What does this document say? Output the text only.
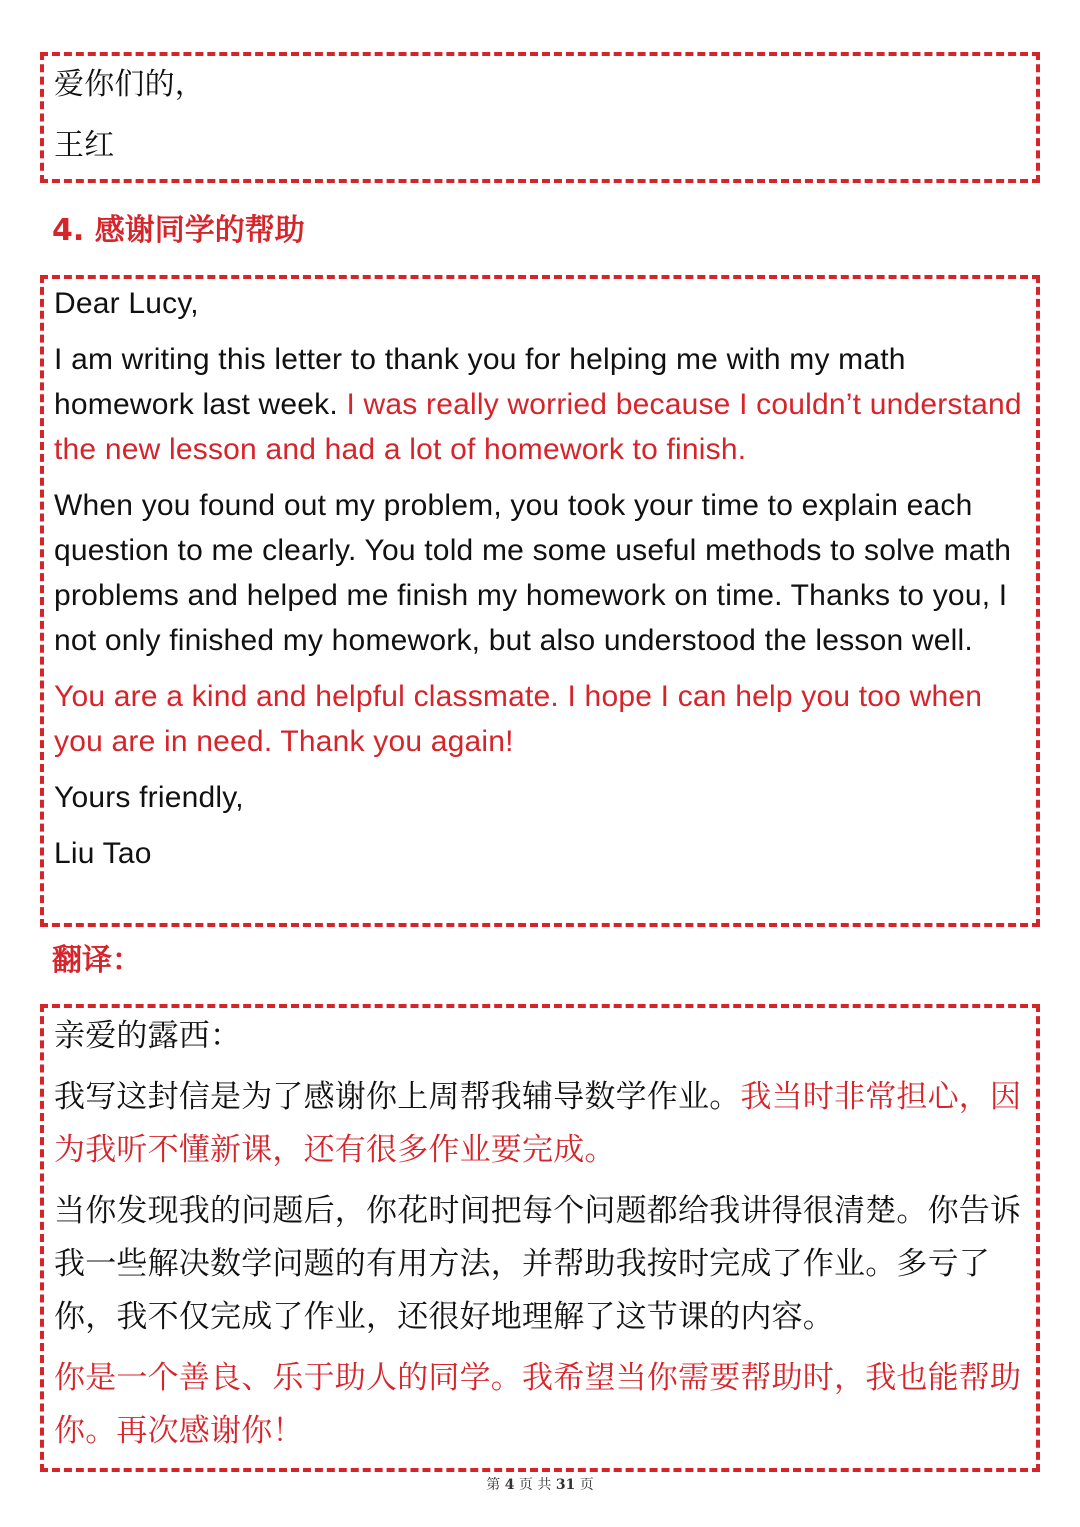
爱你们的，

王红

4. 感谢同学的帮助

Dear Lucy,

I am writing this letter to thank you for helping me with my math homework last week. I was really worried because I couldn’t understand the new lesson and had a lot of homework to finish.

When you found out my problem, you took your time to explain each question to me clearly. You told me some useful methods to solve math problems and helped me finish my homework on time. Thanks to you, I not only finished my homework, but also understood the lesson well.

You are a kind and helpful classmate. I hope I can help you too when you are in need. Thank you again!

Yours friendly,

Liu Tao

翻译：

亲爱的露西：

我写这封信是为了感谢你上周帮我辅导数学作业。我当时非常担心，因为我听不懂新课，还有很多作业要完成。

当你发现我的问题后，你花时间把每个问题都给我讲得很清楚。你告诉我一些解决数学问题的有用方法，并帮助我按时完成了作业。多亏了你，我不仅完成了作业，还很好地理解了这节课的内容。

你是一个善良、乐于助人的同学。我希望当你需要帮助时，我也能帮助你。再次感谢你！

第 4 页 共 31 页
